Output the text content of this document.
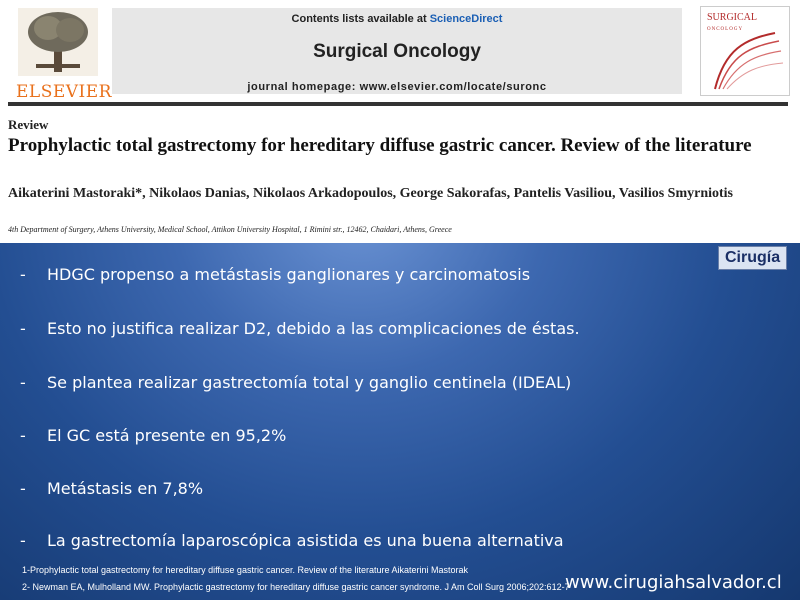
ELSEVIER
Contents lists available at ScienceDirect
Surgical Oncology
journal homepage: www.elsevier.com/locate/suronc
SURGICAL
ONCOLOGY
Review
Prophylactic total gastrectomy for hereditary diffuse gastric cancer. Review of the literature
Aikaterini Mastoraki*, Nikolaos Danias, Nikolaos Arkadopoulos, George Sakorafas, Pantelis Vasiliou, Vasilios Smyrniotis
4th Department of Surgery, Athens University, Medical School, Attikon University Hospital, 1 Rimini str., 12462, Chaidari, Athens, Greece
Cirugía
-	HDGC propenso a metástasis ganglionares y carcinomatosis
-	Esto no justifica realizar D2, debido a las complicaciones de éstas.
-	Se plantea realizar gastrectomía total y ganglio centinela (IDEAL)
-	El GC está presente en 95,2%
-	Metástasis en 7,8%
-	La gastrectomía laparoscópica asistida es una buena alternativa
1-Prophylactic total gastrectomy for hereditary diffuse gastric cancer. Review of the literature Aikaterini Mastorak
2- Newman EA, Mulholland MW. Prophylactic gastrectomy for hereditary diffuse gastric cancer syndrome. J Am Coll Surg 2006;202:612-7
www.cirugiahsalvador.cl
